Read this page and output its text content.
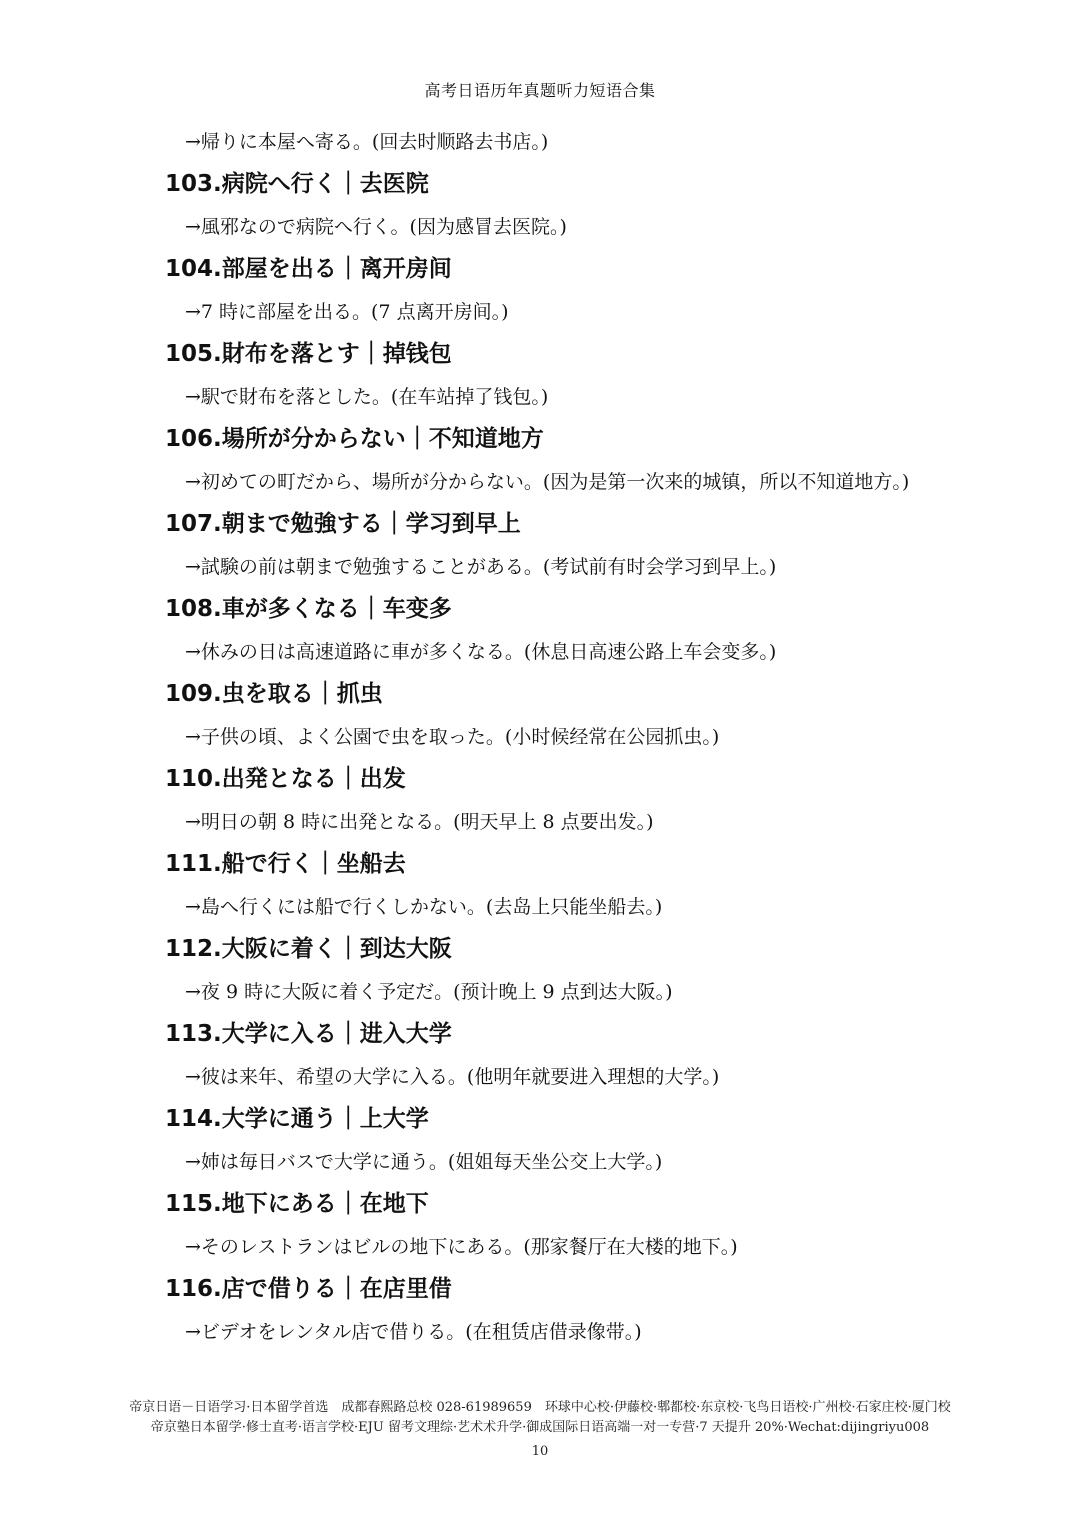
高考日语历年真题听力短语合集
→帰りに本屋へ寄る。(回去时顺路去书店。)
103.病院へ行く｜去医院
→風邪なので病院へ行く。(因为感冒去医院。)
104.部屋を出る｜离开房间
→7 時に部屋を出る。(7 点离开房间。)
105.財布を落とす｜掉钱包
→駅で財布を落とした。(在车站掉了钱包。)
106.場所が分からない｜不知道地方
→初めての町だから、場所が分からない。(因为是第一次来的城镇，所以不知道地方。)
107.朝まで勉強する｜学习到早上
→試験の前は朝まで勉強することがある。(考试前有时会学习到早上。)
108.車が多くなる｜车变多
→休みの日は高速道路に車が多くなる。(休息日高速公路上车会变多。)
109.虫を取る｜抓虫
→子供の頃、よく公園で虫を取った。(小时候经常在公园抓虫。)
110.出発となる｜出发
→明日の朝 8 時に出発となる。(明天早上 8 点要出发。)
111.船で行く｜坐船去
→島へ行くには船で行くしかない。(去岛上只能坐船去。)
112.大阪に着く｜到达大阪
→夜 9 時に大阪に着く予定だ。(预计晚上 9 点到达大阪。)
113.大学に入る｜进入大学
→彼は来年、希望の大学に入る。(他明年就要进入理想的大学。)
114.大学に通う｜上大学
→姉は毎日バスで大学に通う。(姐姐每天坐公交上大学。)
115.地下にある｜在地下
→そのレストランはビルの地下にある。(那家餐厅在大楼的地下。)
116.店で借りる｜在店里借
→ビデオをレンタル店で借りる。(在租赁店借录像带。)
帝京日语－日语学习·日本留学首选　成都春熙路总校 028-61989659　环球中心校·伊藤校·郫都校·东京校·飞鸟日语校·广州校·石家庄校·厦门校
帝京塾日本留学·修士直考·语言学校·EJU 留考文理综·艺术术升学·御成国际日语高端一对一专营·7 天提升 20%·Wechat:dijingriyu008
10
